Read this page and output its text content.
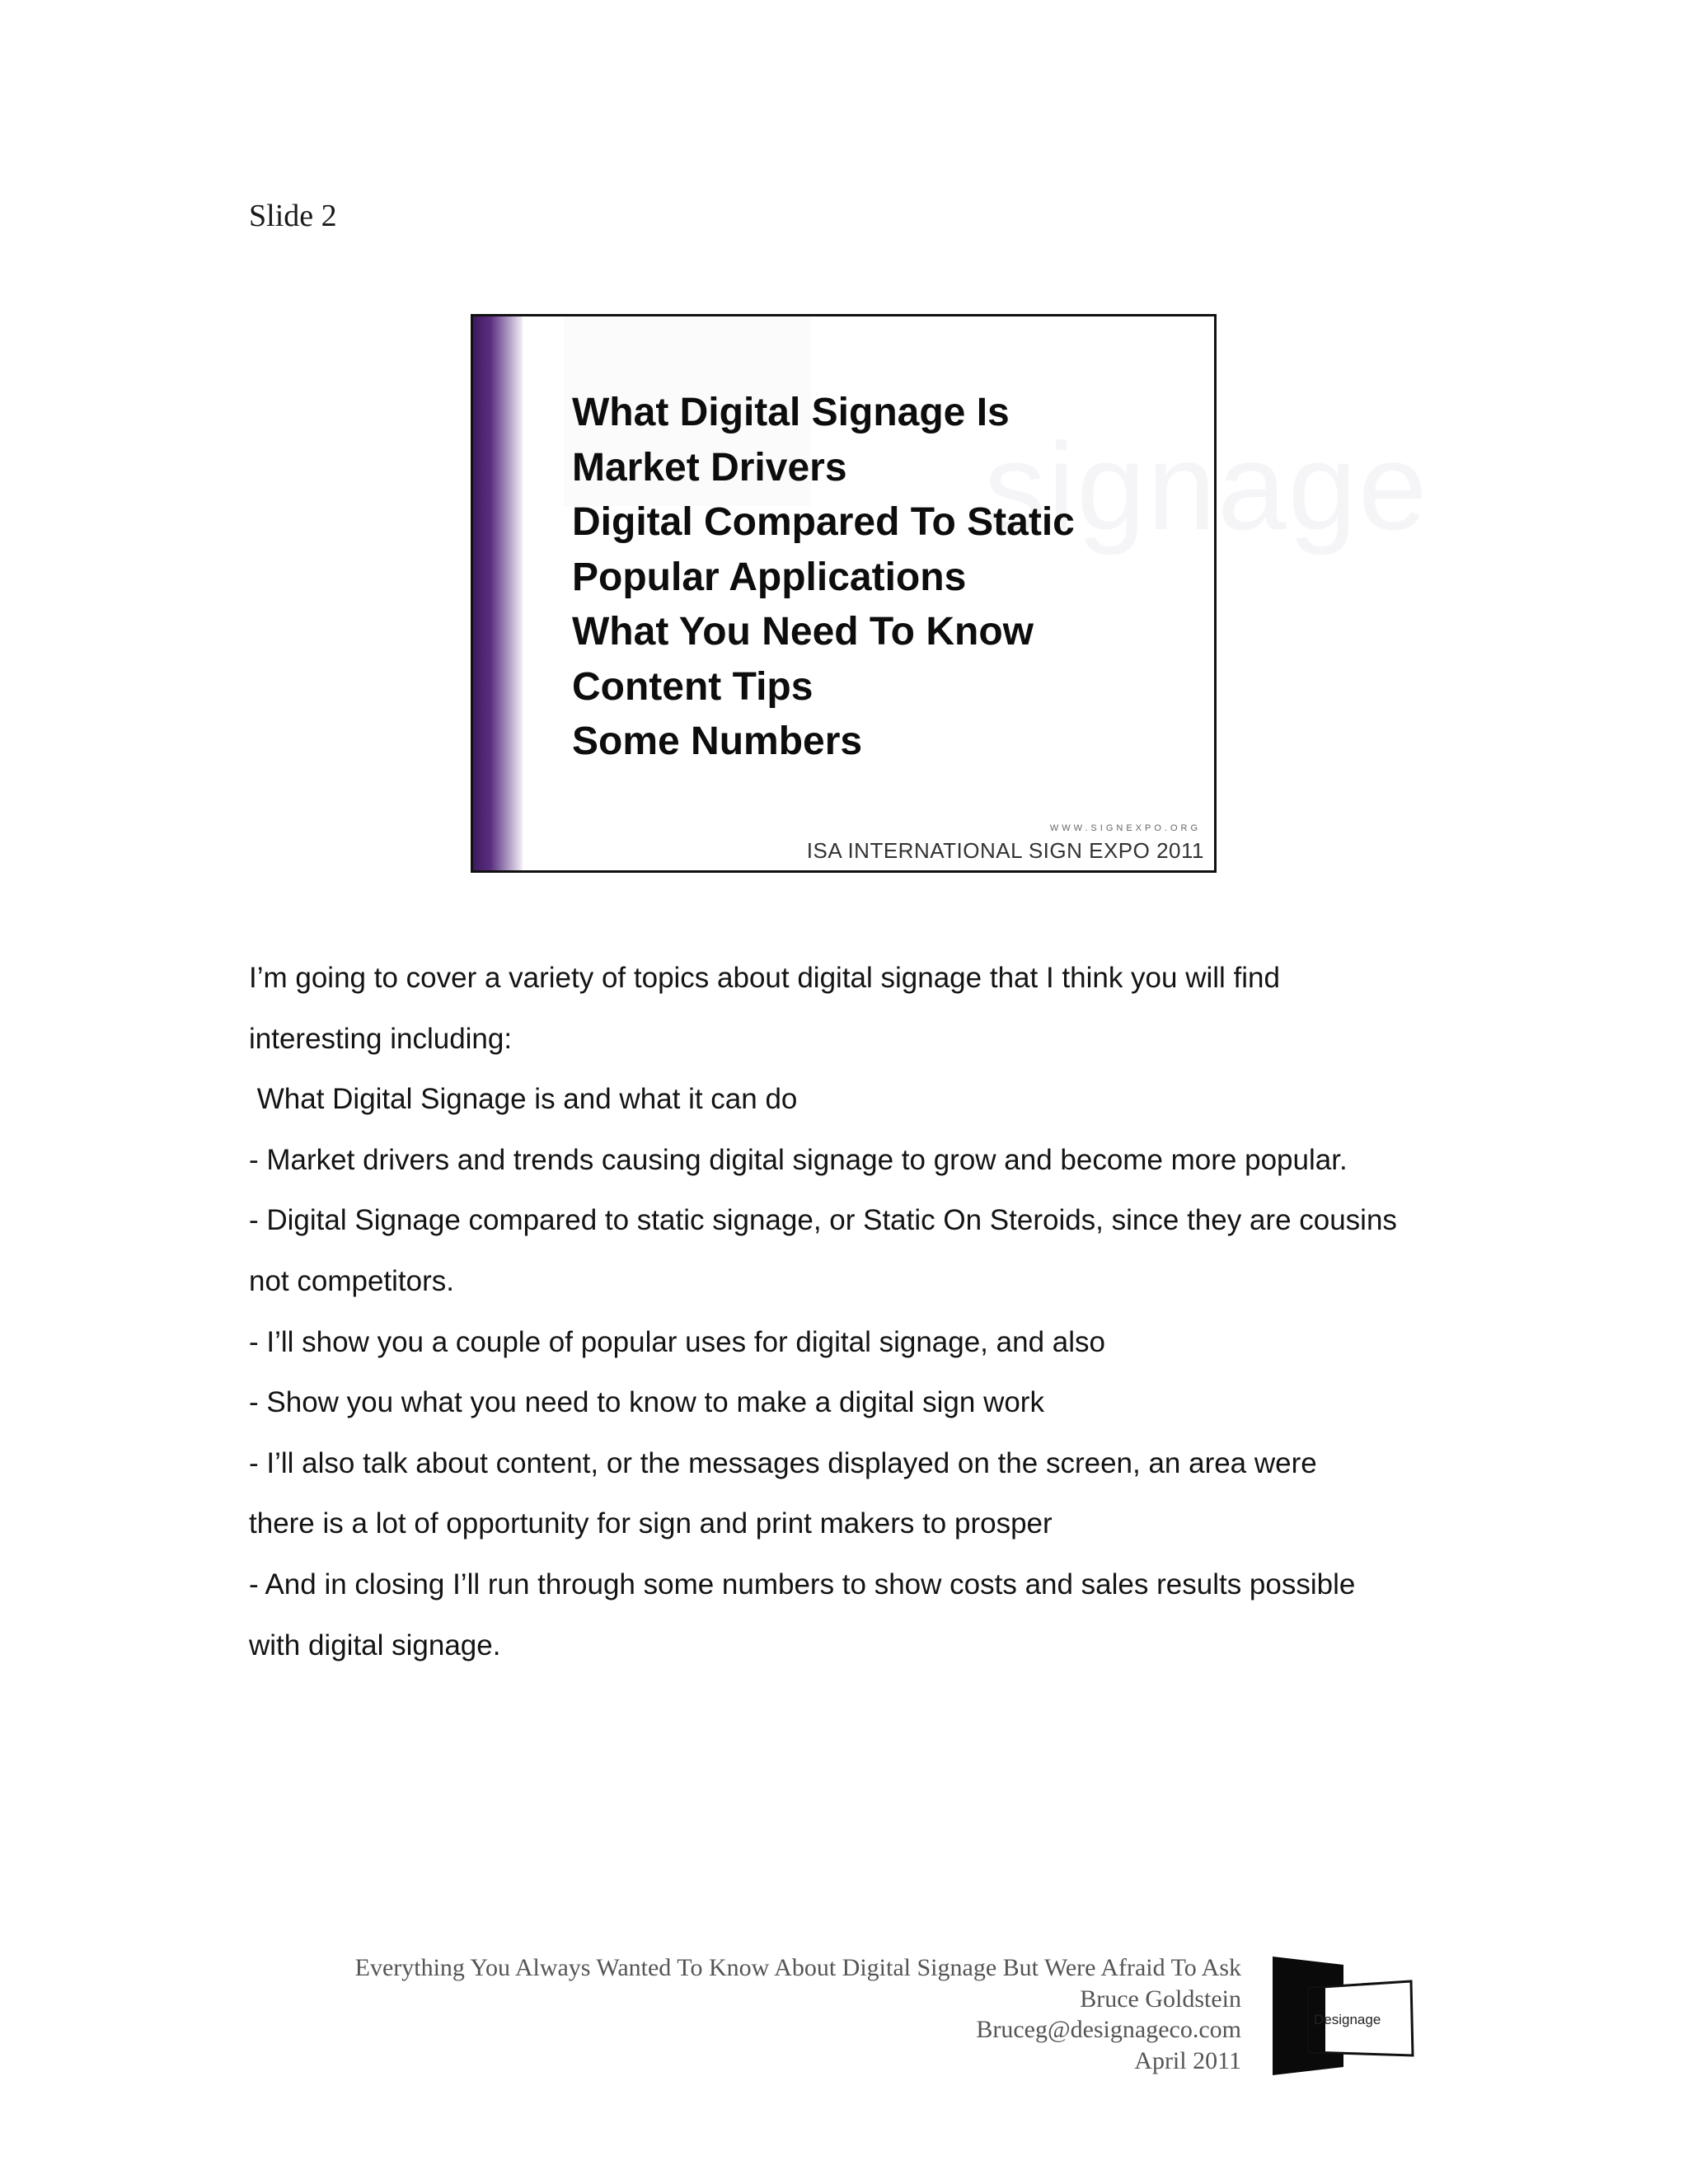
Slide 2
signage
What Digital Signage Is
Market Drivers
Digital Compared To Static
Popular Applications
What You Need To Know
Content Tips
Some Numbers
WWW.SIGNEXPO.ORG
ISA INTERNATIONAL SIGN EXPO 2011

I’m going to cover a variety of topics about digital signage that I think you will find

interesting including:

What Digital Signage is and what it can do

- Market drivers and trends causing digital signage to grow and become more popular.

- Digital Signage compared to static signage, or Static On Steroids, since they are cousins

not competitors.

- I’ll show you a couple of popular uses for digital signage, and also

- Show you what you need to know to make a digital sign work

- I’ll also talk about content, or the messages displayed on the screen, an area were

there is a lot of opportunity for sign and print makers to prosper

- And in closing I’ll run through some numbers to show costs and sales results possible

with digital signage.

Everything You Always Wanted To Know About Digital Signage But Were Afraid To Ask
Bruce Goldstein
Bruceg@designageco.com
April 2011
Designage
